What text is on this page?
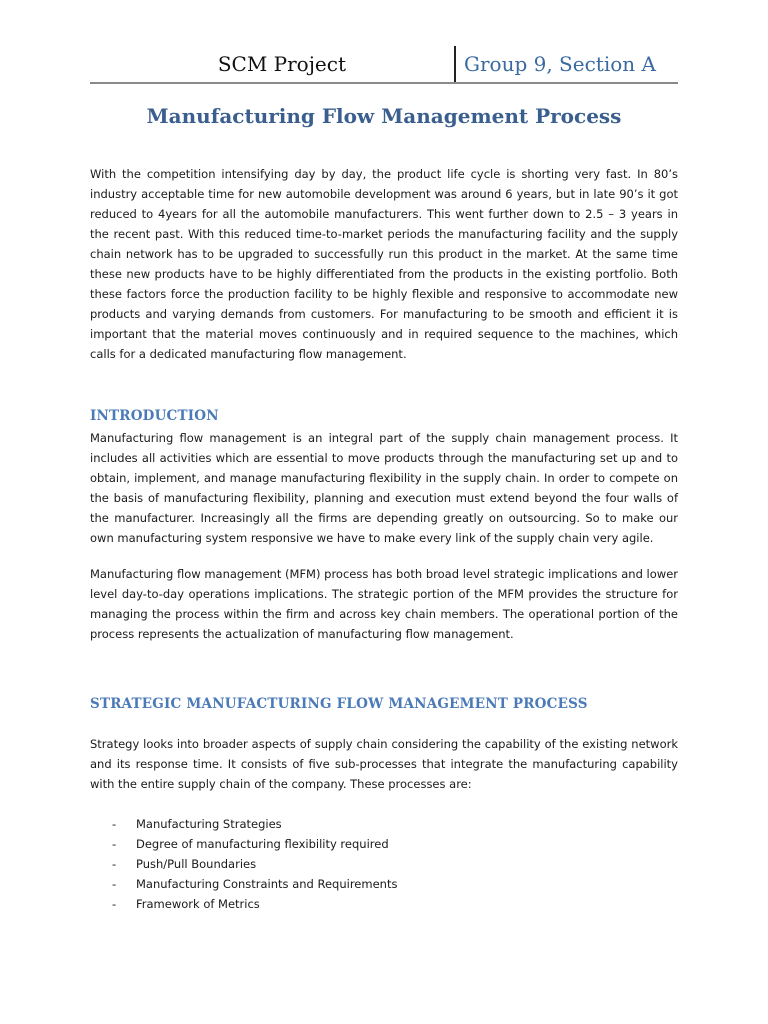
SCM Project	Group 9, Section A
Manufacturing Flow Management Process

With the competition intensifying day by day, the product life cycle is shorting very fast. In 80’s industry acceptable time for new automobile development was around 6 years, but in late 90’s it got reduced to 4years for all the automobile manufacturers. This went further down to 2.5 – 3 years in the recent past. With this reduced time-to-market periods the manufacturing facility and the supply chain network has to be upgraded to successfully run this product in the market. At the same time these new products have to be highly differentiated from the products in the existing portfolio. Both these factors force the production facility to be highly flexible and responsive to accommodate new products and varying demands from customers. For manufacturing to be smooth and efficient it is important that the material moves continuously and in required sequence to the machines, which calls for a dedicated manufacturing flow management.

INTRODUCTION

Manufacturing flow management is an integral part of the supply chain management process. It includes all activities which are essential to move products through the manufacturing set up and to obtain, implement, and manage manufacturing flexibility in the supply chain. In order to compete on the basis of manufacturing flexibility, planning and execution must extend beyond the four walls of the manufacturer. Increasingly all the firms are depending greatly on outsourcing. So to make our own manufacturing system responsive we have to make every link of the supply chain very agile.

Manufacturing flow management (MFM) process has both broad level strategic implications and lower level day-to-day operations implications. The strategic portion of the MFM provides the structure for managing the process within the firm and across key chain members. The operational portion of the process represents the actualization of manufacturing flow management.

STRATEGIC MANUFACTURING FLOW MANAGEMENT PROCESS

Strategy looks into broader aspects of supply chain considering the capability of the existing network and its response time. It consists of five sub-processes that integrate the manufacturing capability with the entire supply chain of the company. These processes are:

- Manufacturing Strategies
- Degree of manufacturing flexibility required
- Push/Pull Boundaries
- Manufacturing Constraints and Requirements
- Framework of Metrics
